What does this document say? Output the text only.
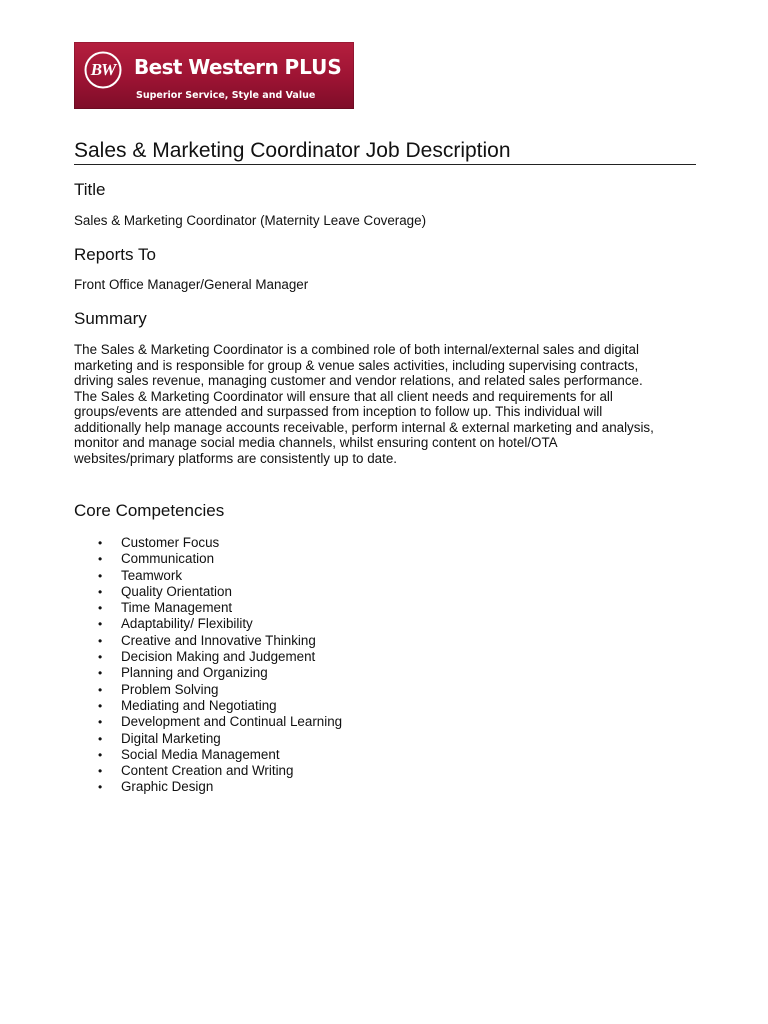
BW Best Western PLUS
Superior Service, Style and Value
Sales & Marketing Coordinator Job Description
Title

Sales & Marketing Coordinator (Maternity Leave Coverage)

Reports To

Front Office Manager/General Manager

Summary

The Sales & Marketing Coordinator is a combined role of both internal/external sales and digital

marketing and is responsible for group & venue sales activities, including supervising contracts,

driving sales revenue, managing customer and vendor relations, and related sales performance.

The Sales & Marketing Coordinator will ensure that all client needs and requirements for all

groups/events are attended and surpassed from inception to follow up. This individual will

additionally help manage accounts receivable, perform internal & external marketing and analysis,

monitor and manage social media channels, whilst ensuring content on hotel/OTA

websites/primary platforms are consistently up to date.

Core Competencies
• Customer Focus
• Communication
• Teamwork
• Quality Orientation
• Time Management
• Adaptability/ Flexibility
• Creative and Innovative Thinking
• Decision Making and Judgement
• Planning and Organizing
• Problem Solving
• Mediating and Negotiating
• Development and Continual Learning
• Digital Marketing
• Social Media Management
• Content Creation and Writing
• Graphic Design
